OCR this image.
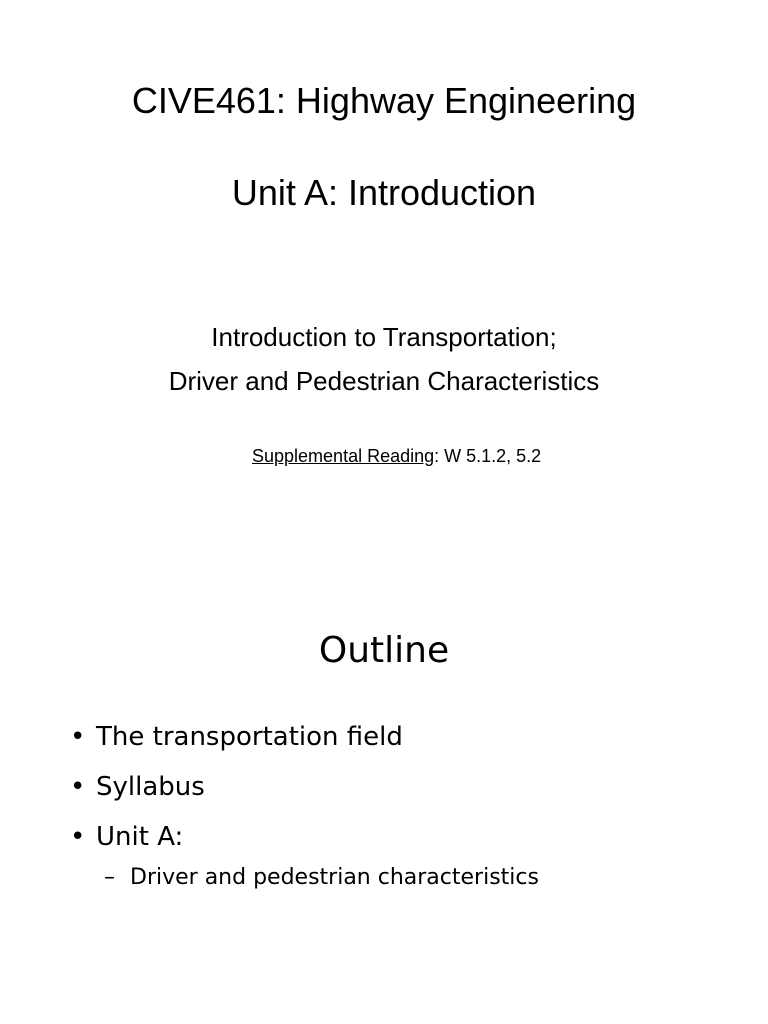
CIVE461: Highway Engineering
Unit A: Introduction
Introduction to Transportation;
Driver and Pedestrian Characteristics
Supplemental Reading: W 5.1.2, 5.2
Outline
• The transportation field
• Syllabus
• Unit A:
– Driver and pedestrian characteristics
